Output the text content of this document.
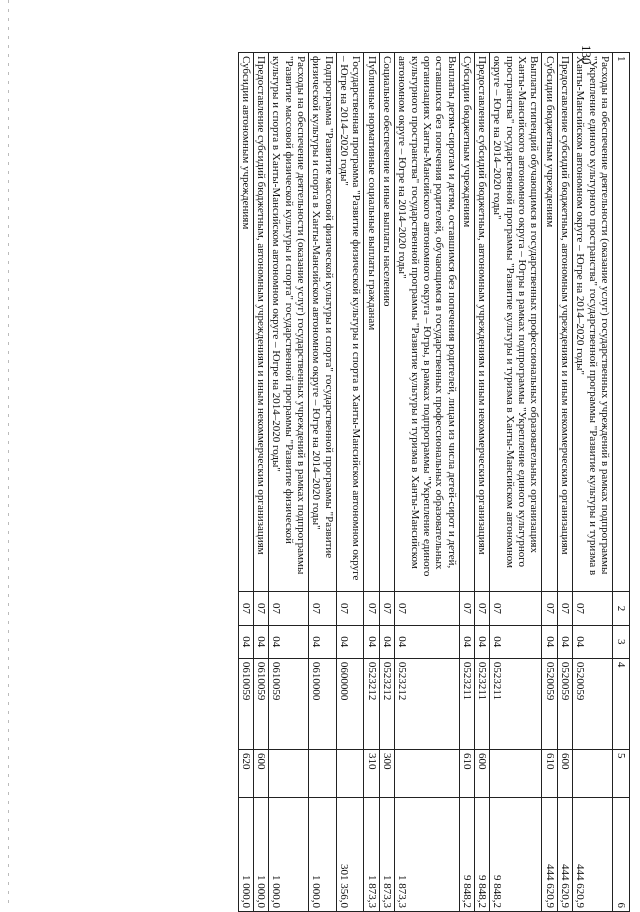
130 1	2	3	4	5	6
Расходы на обеспечение деятельности (оказание услуг) государственных учреждений в рамках подпрограммы "Укрепление единого культурного пространства" государственной программы "Развитие культуры и туризма в Ханты-Мансийском автономном округе – Югре на 2014–2020 годы"	07	04	0520059		444 620,9
Предоставление субсидий бюджетным, автономным учреждениям и иным некоммерческим организациям	07	04	0520059	600	444 620,9
Субсидии бюджетным учреждениям	07	04	0520059	610	444 620,9
Выплаты стипендий обучающимся в государственных профессиональных образовательных организациях Ханты-Мансийского автономного округа – Югры в рамках подпрограммы "Укрепление единого культурного пространства" государственной программы "Развитие культуры и туризма в Ханты-Мансийском автономном округе – Югре на 2014–2020 годы"	07	04	0523211		9 848,2
Предоставление субсидий бюджетным, автономным учреждениям и иным некоммерческим организациям	07	04	0523211	600	9 848,2
Субсидии бюджетным учреждениям	07	04	0523211	610	9 848,2
Выплаты детям-сиротам и детям, оставшимся без попечения родителей, лицам из числа детей-сирот и детей, оставшихся без попечения родителей, обучающимся в государственных профессиональных образовательных организациях Ханты-Мансийского автономного округа – Югры, в рамках подпрограммы "Укрепление единого культурного пространства" государственной программы "Развитие культуры и туризма в Ханты-Мансийском автономном округе – Югре на 2014–2020 годы"	07	04	0523212		1 873,3
Социальное обеспечение и иные выплаты населению	07	04	0523212	300	1 873,3
Публичные нормативные социальные выплаты гражданам	07	04	0523212	310	1 873,3
Государственная программа "Развитие физической культуры и спорта в Ханты-Мансийском автономном округе – Югре на 2014–2020 годы"	07	04	0600000		301 356,0
Подпрограмма "Развитие массовой физической культуры и спорта" государственной программы "Развитие физической культуры и спорта в Ханты-Мансийском автономном округе – Югре на 2014–2020 годы"	07	04	0610000		1 000,0
Расходы на обеспечение деятельности (оказание услуг) государственных учреждений в рамках подпрограммы "Развитие массовой физической культуры и спорта" государственной программы "Развитие физической культуры и спорта в Ханты-Мансийском автономном округе – Югре на 2014–2020 годы"	07	04	0610059		1 000,0
Предоставление субсидий бюджетным, автономным учреждениям и иным некоммерческим организациям	07	04	0610059	600	1 000,0
Субсидии автономным учреждениям	07	04	0610059	620	1 000,0
